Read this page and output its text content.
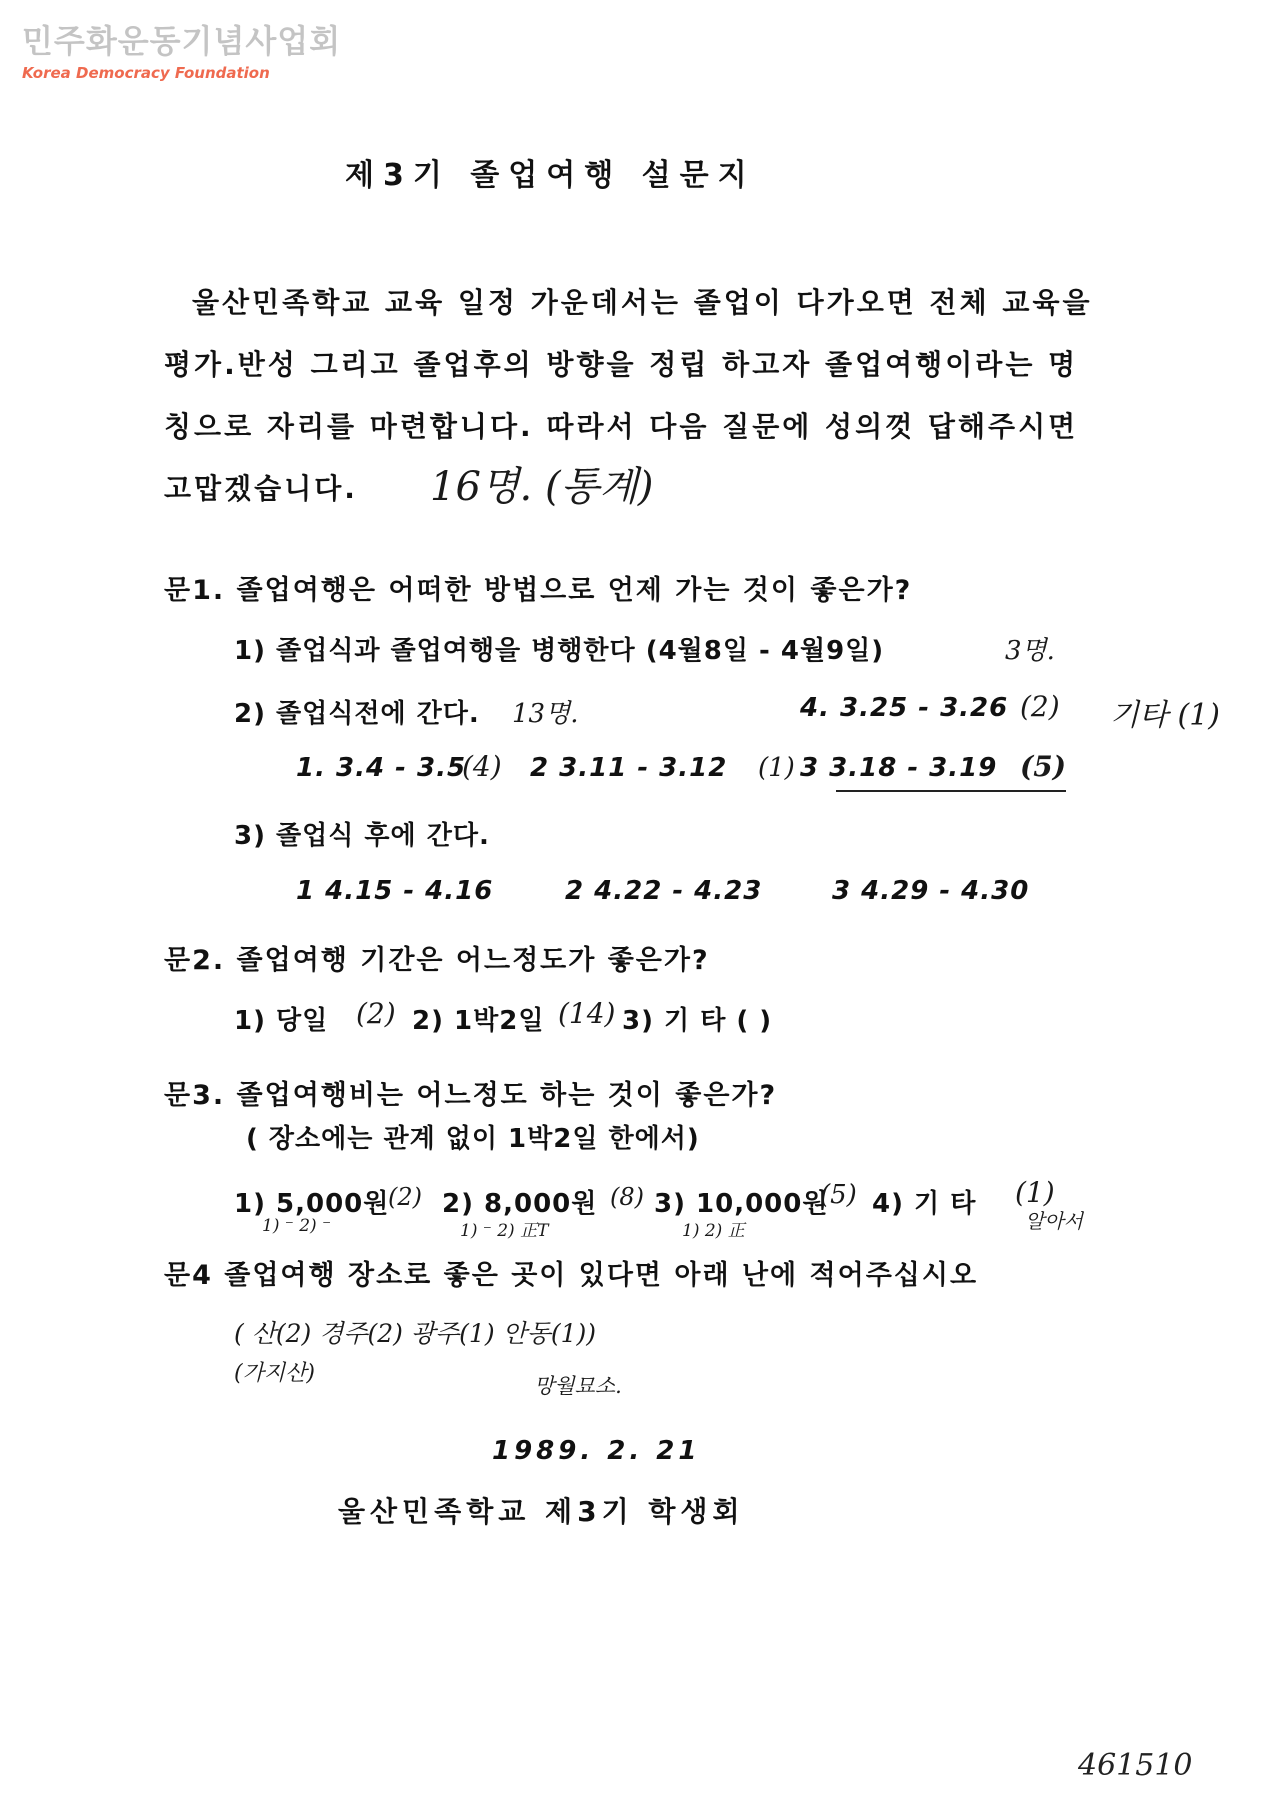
민주화운동기념사업회
Korea Democracy Foundation
제3기 졸업여행 설문지
울산민족학교 교육 일정 가운데서는 졸업이 다가오면 전체 교육을
평가.반성 그리고 졸업후의 방향을 정립 하고자 졸업여행이라는 명
칭으로 자리를 마련합니다. 따라서 다음 질문에 성의껏 답해주시면
고맙겠습니다.	16명. (통계)
문1. 졸업여행은 어떠한 방법으로 언제 가는 것이 좋은가?
1) 졸업식과 졸업여행을 병행한다 (4월8일 - 4월9일)	3명.
2) 졸업식전에 간다. 13명.	4. 3.25 - 3.26 (2) 기타 (1)
1. 3.4 - 3.5
(4) 2 3.11 - 3.12 (1) 3 3.18 - 3.19 (5)
3) 졸업식 후에 간다.
1 4.15 - 4.16	2 4.22 - 4.23	3 4.29 - 4.30
문2. 졸업여행 기간은 어느정도가 좋은가?
1) 당일 (2) 2) 1박2일 (14) 3) 기 타 ( )
문3. 졸업여행비는 어느정도 하는 것이 좋은가?
( 장소에는 관계 없이 1박2일 한에서)
1) 5,000원
(2) 2) 8,000원 (8) 3) 10,000원
(5) 4) 기 타 (1)
알아서
1) ⁻ 2) ⁻	1) ⁻ 2) 正T	1) 2) 正
문4 졸업여행 장소로 좋은 곳이 있다면 아래 난에 적어주십시오
( 산(2) 경주(2) 광주(1) 안동(1))
(가지산)	망월묘소.
1989. 2. 21
울산민족학교 제3기 학생회
461510
